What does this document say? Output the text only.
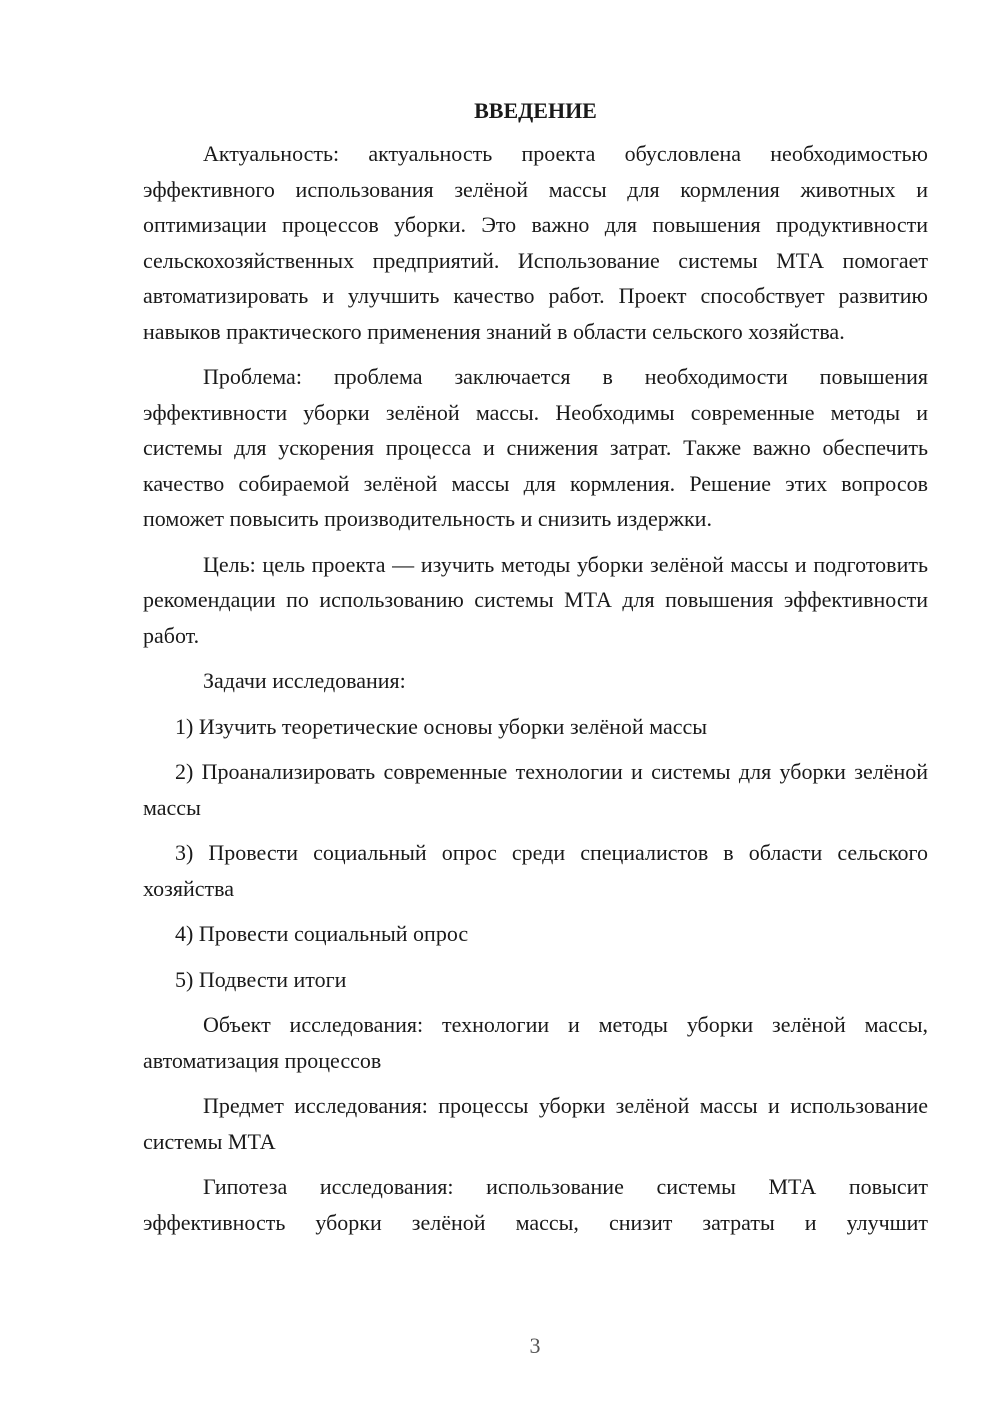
ВВЕДЕНИЕ
Актуальность: актуальность проекта обусловлена необходимостью эффективного использования зелёной массы для кормления животных и оптимизации процессов уборки. Это важно для повышения продуктивности сельскохозяйственных предприятий. Использование системы МТА помогает автоматизировать и улучшить качество работ. Проект способствует развитию навыков практического применения знаний в области сельского хозяйства.
Проблема: проблема заключается в необходимости повышения эффективности уборки зелёной массы. Необходимы современные методы и системы для ускорения процесса и снижения затрат. Также важно обеспечить качество собираемой зелёной массы для кормления. Решение этих вопросов поможет повысить производительность и снизить издержки.
Цель: цель проекта — изучить методы уборки зелёной массы и подготовить рекомендации по использованию системы МТА для повышения эффективности работ.
Задачи исследования:
1) Изучить теоретические основы уборки зелёной массы
2) Проанализировать современные технологии и системы для уборки зелёной массы
3) Провести социальный опрос среди специалистов в области сельского хозяйства
4) Провести социальный опрос
5) Подвести итоги
Объект исследования: технологии и методы уборки зелёной массы, автоматизация процессов
Предмет исследования: процессы уборки зелёной массы и использование системы МТА
Гипотеза исследования: использование системы МТА повысит эффективность уборки зелёной массы, снизит затраты и улучшит
3
